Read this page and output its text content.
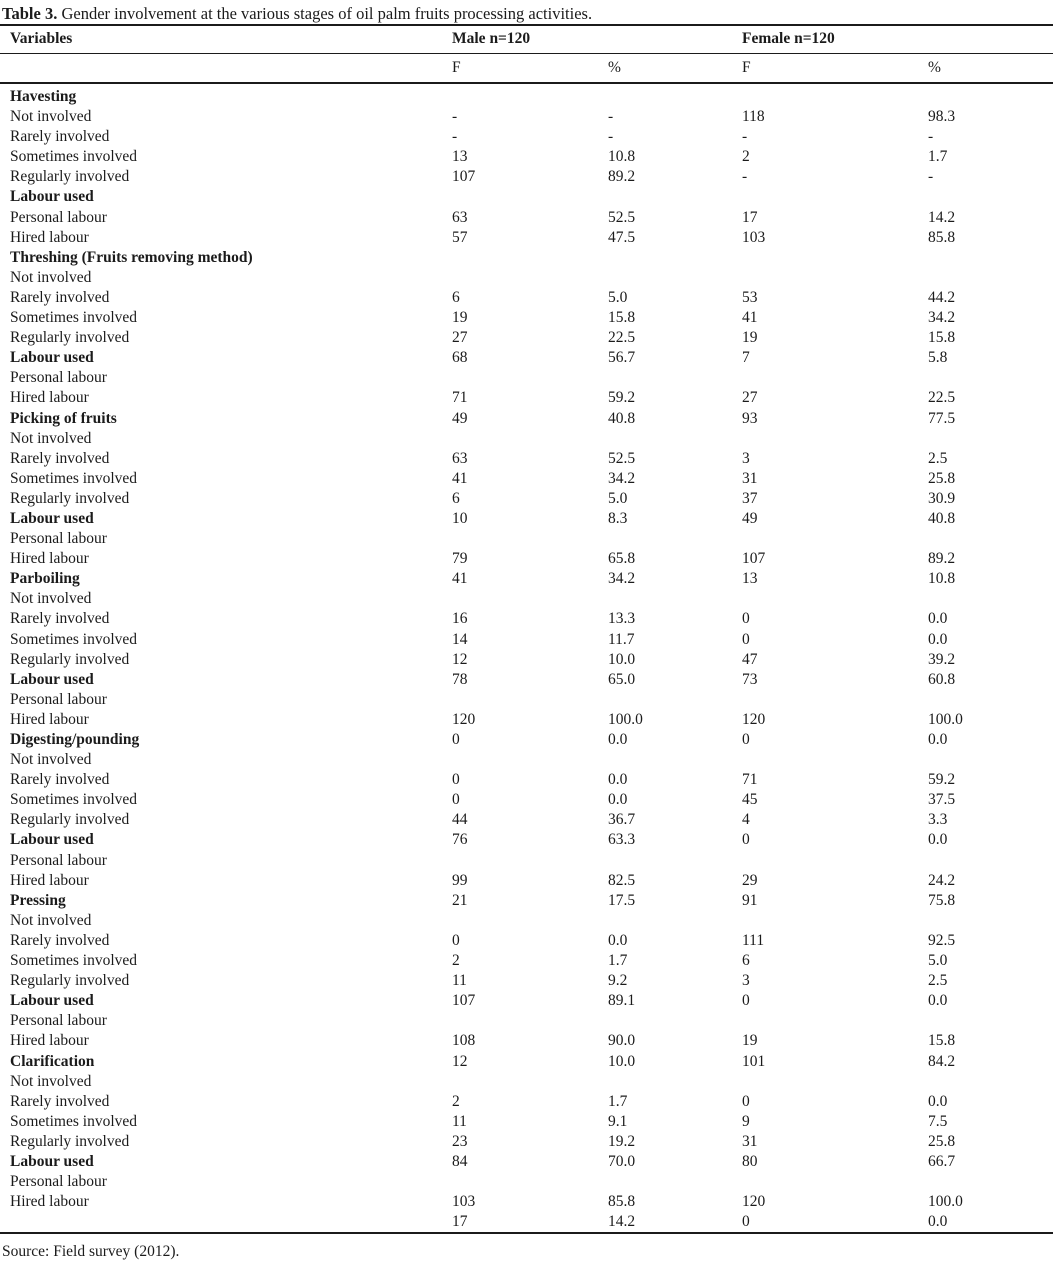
Table 3. Gender involvement at the various stages of oil palm fruits processing activities.
Variables	Male n=120		Female n=120	
	F	%	F	%
Havesting				
Not involved	-	-	118	98.3
Rarely involved	-	-	-	-
Sometimes involved	13	10.8	2	1.7
Regularly involved	107	89.2	-	-
Labour used				
Personal labour	63	52.5	17	14.2
Hired labour	57	47.5	103	85.8
Threshing (Fruits removing method)				
Not involved				
Rarely involved	6	5.0	53	44.2
Sometimes involved	19	15.8	41	34.2
Regularly involved	27	22.5	19	15.8
Labour used	68	56.7	7	5.8
Personal labour				
Hired labour	71	59.2	27	22.5
Picking of fruits	49	40.8	93	77.5
Not involved				
Rarely involved	63	52.5	3	2.5
Sometimes involved	41	34.2	31	25.8
Regularly involved	6	5.0	37	30.9
Labour used	10	8.3	49	40.8
Personal labour				
Hired labour	79	65.8	107	89.2
Parboiling	41	34.2	13	10.8
Not involved				
Rarely involved	16	13.3	0	0.0
Sometimes involved	14	11.7	0	0.0
Regularly involved	12	10.0	47	39.2
Labour used	78	65.0	73	60.8
Personal labour				
Hired labour	120	100.0	120	100.0
Digesting/pounding	0	0.0	0	0.0
Not involved				
Rarely involved	0	0.0	71	59.2
Sometimes involved	0	0.0	45	37.5
Regularly involved	44	36.7	4	3.3
Labour used	76	63.3	0	0.0
Personal labour				
Hired labour	99	82.5	29	24.2
Pressing	21	17.5	91	75.8
Not involved				
Rarely involved	0	0.0	111	92.5
Sometimes involved	2	1.7	6	5.0
Regularly involved	11	9.2	3	2.5
Labour used	107	89.1	0	0.0
Personal labour				
Hired labour	108	90.0	19	15.8
Clarification	12	10.0	101	84.2
Not involved				
Rarely involved	2	1.7	0	0.0
Sometimes involved	11	9.1	9	7.5
Regularly involved	23	19.2	31	25.8
Labour used	84	70.0	80	66.7
Personal labour				
Hired labour	103	85.8	120	100.0
	17	14.2	0	0.0
Source: Field survey (2012).
